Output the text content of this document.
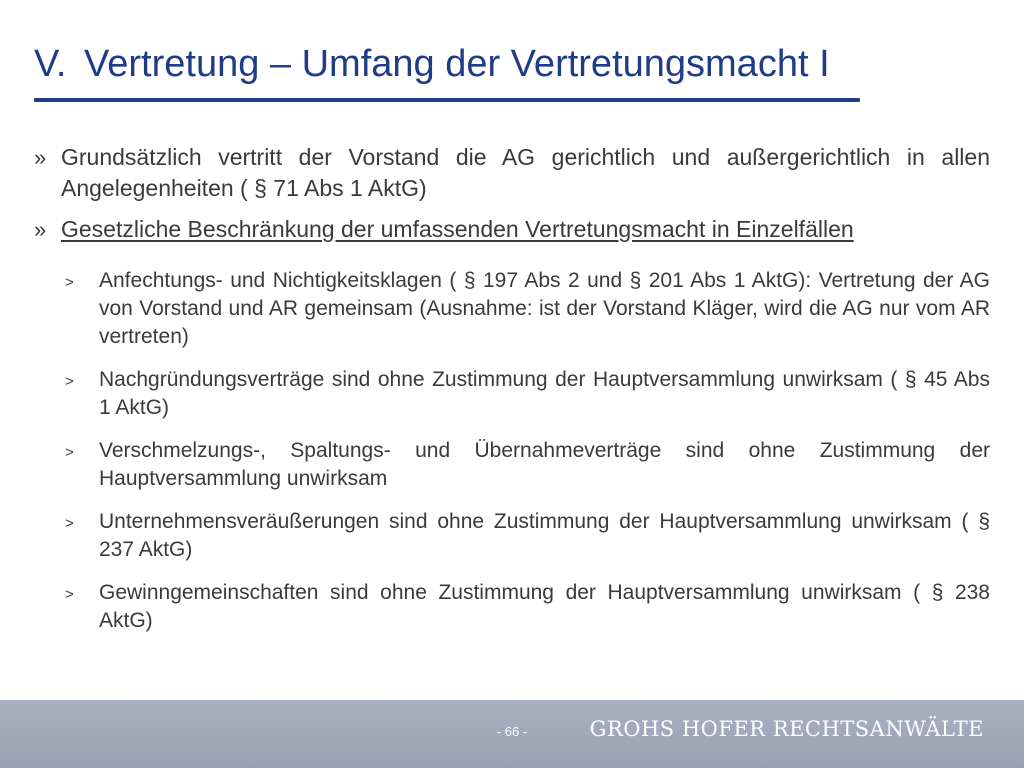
V. Vertretung – Umfang der Vertretungsmacht I
» Grundsätzlich vertritt der Vorstand die AG gerichtlich und außergerichtlich in allen Angelegenheiten ( § 71 Abs 1 AktG)
» Gesetzliche Beschränkung der umfassenden Vertretungsmacht in Einzelfällen
> Anfechtungs- und Nichtigkeitsklagen ( § 197 Abs 2 und § 201 Abs 1 AktG): Vertretung der AG von Vorstand und AR gemeinsam (Ausnahme: ist der Vorstand Kläger, wird die AG nur vom AR vertreten)
> Nachgründungsverträge sind ohne Zustimmung der Hauptversammlung unwirksam ( § 45 Abs 1 AktG)
> Verschmelzungs-, Spaltungs- und Übernahmeverträge sind ohne Zustimmung der Hauptversammlung unwirksam
> Unternehmensveräußerungen sind ohne Zustimmung der Hauptversammlung unwirksam ( § 237 AktG)
> Gewinngemeinschaften sind ohne Zustimmung der Hauptversammlung unwirksam ( § 238 AktG)
- 66 -	GROHS HOFER RECHTSANWÄLTE
